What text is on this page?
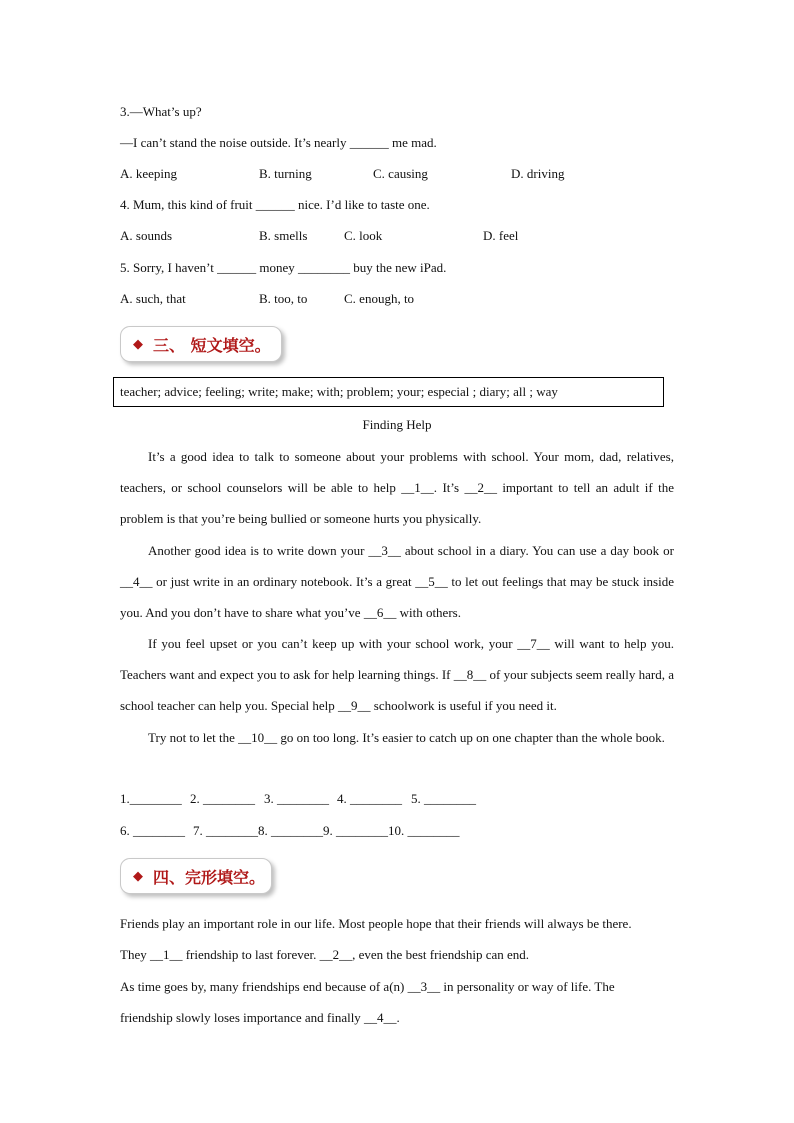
3.—What’s up?
—I can’t stand the noise outside. It’s nearly ______ me mad.
A. keeping	B. turning	C. causing	D. driving
4. Mum, this kind of fruit ______ nice. I’d like to taste one.
A. sounds	B. smells	C. look	D. feel
5. Sorry, I haven’t ______ money ________ buy the new iPad.
A. such, that	B. too, to	C. enough, to
◆ 三、 短文填空。
teacher; advice; feeling; write; make; with; problem; your; especial ; diary; all ; way
Finding Help
It’s a good idea to talk to someone about your problems with school. Your mom, dad, relatives, teachers, or school counselors will be able to help __1__. It’s __2__ important to tell an adult if the problem is that you’re being bullied or someone hurts you physically.
Another good idea is to write down your __3__ about school in a diary. You can use a day book or __4__ or just write in an ordinary notebook. It’s a great __5__ to let out feelings that may be stuck inside you. And you don’t have to share what you’ve __6__ with others.
If you feel upset or you can’t keep up with your school work, your __7__ will want to help you. Teachers want and expect you to ask for help learning things. If __8__ of your subjects seem really hard, a school teacher can help you. Special help __9__ schoolwork is useful if you need it.
Try not to let the __10__ go on too long. It’s easier to catch up on one chapter than the whole book.
1.________ 2. ________ 3. ________ 4. ________ 5. ________
6. ________ 7. ________8. ________9. ________10. ________
◆ 四、完形填空。
Friends play an important role in our life. Most people hope that their friends will always be there.
They __1__ friendship to last forever. __2__, even the best friendship can end.
As time goes by, many friendships end because of a(n) __3__ in personality or way of life. The
friendship slowly loses importance and finally __4__.
